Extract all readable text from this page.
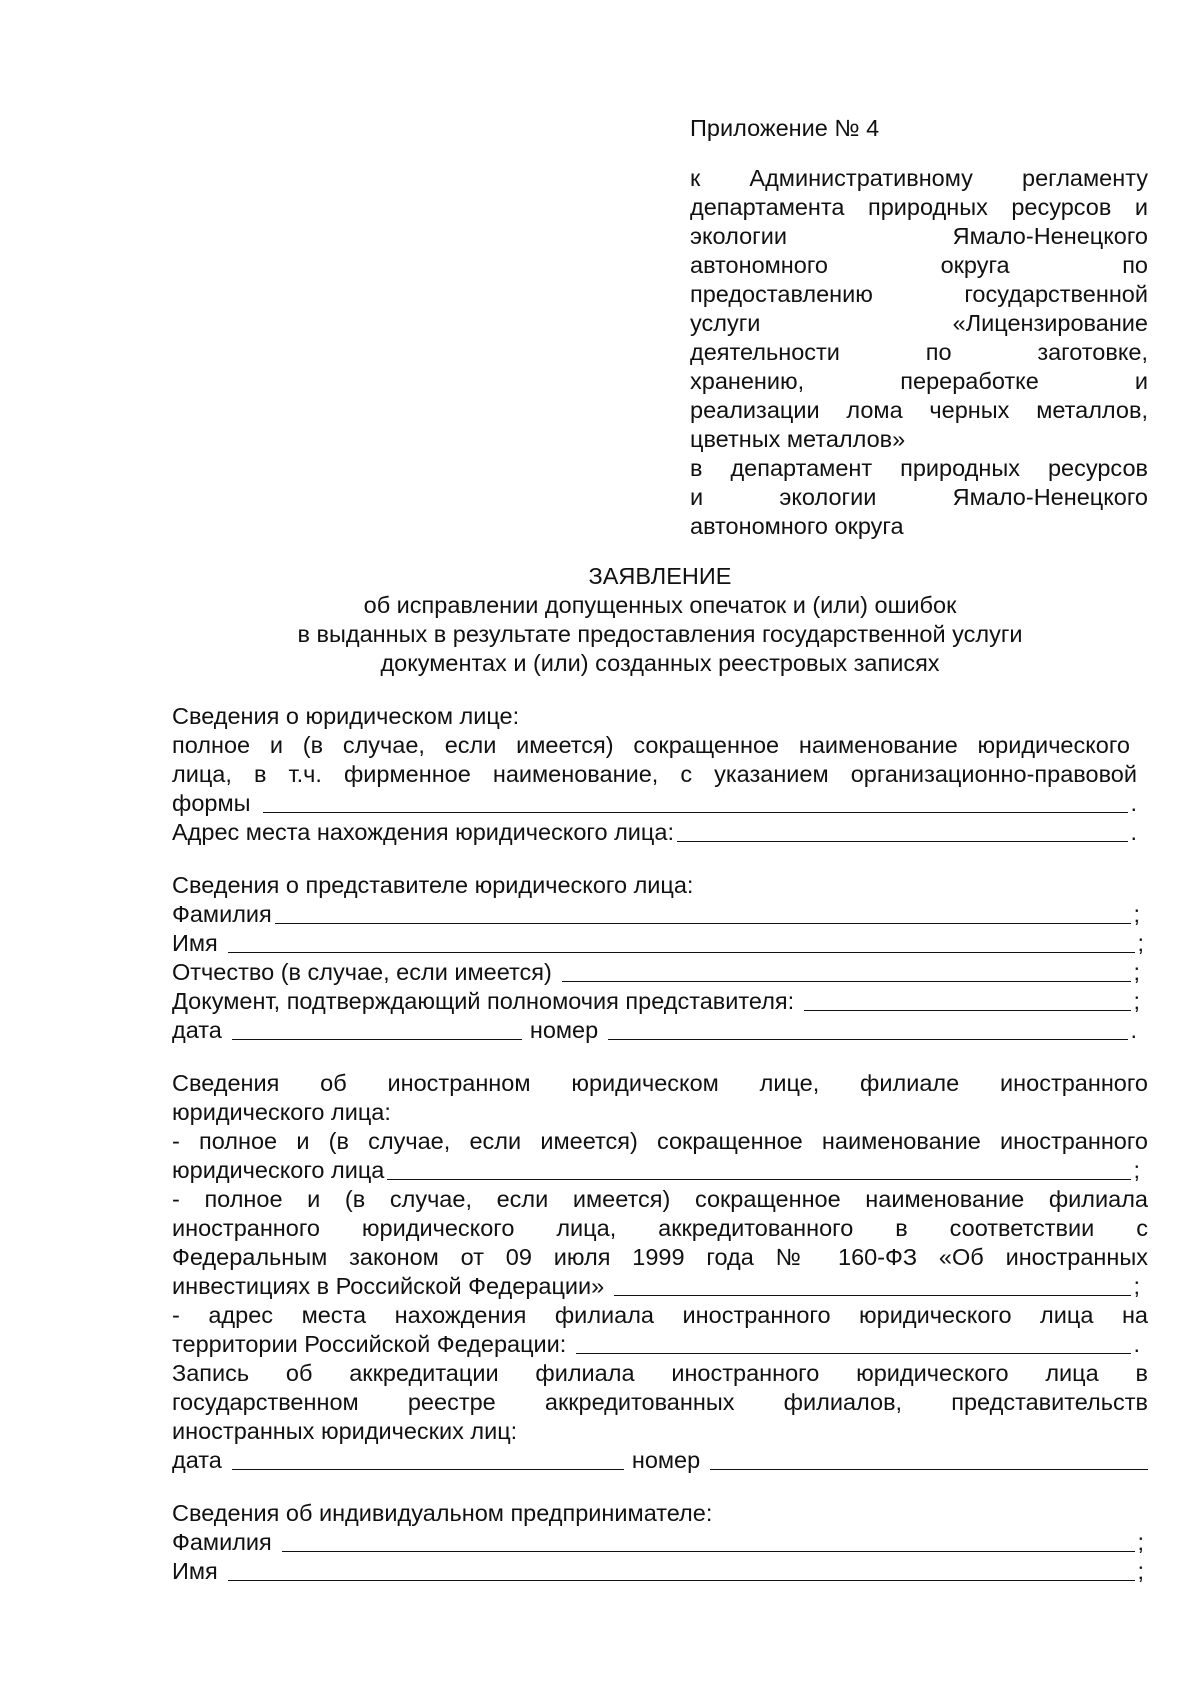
Приложение № 4
к Административному регламенту
департамента природных ресурсов и
экологии Ямало-Ненецкого
автономного округа по
предоставлению государственной
услуги «Лицензирование
деятельности по заготовке,
хранению, переработке и
реализации лома черных металлов,
цветных металлов»
в департамент природных ресурсов
и экологии Ямало-Ненецкого
автономного округа
ЗАЯВЛЕНИЕ
об исправлении допущенных опечаток и (или) ошибок
в выданных в результате предоставления государственной услуги
документах и (или) созданных реестровых записях
Сведения о юридическом лице:
полное и (в случае, если имеется) сокращенное наименование юридического
лица, в т.ч. фирменное наименование, с указанием организационно-правовой
формы	.
Адрес места нахождения юридического лица:	.
Сведения о представителе юридического лица:
Фамилия	;
Имя	;
Отчество (в случае, если имеется)	;
Документ, подтверждающий полномочия представителя:	;
дата	номер	.
Сведения об иностранном юридическом лице, филиале иностранного
юридического лица:
- полное и (в случае, если имеется) сокращенное наименование иностранного
юридического лица	;
- полное и (в случае, если имеется) сокращенное наименование филиала
иностранного юридического лица, аккредитованного в соответствии с
Федеральным законом от 09 июля 1999 года № 160-ФЗ «Об иностранных
инвестициях в Российской Федерации»	;
- адрес места нахождения филиала иностранного юридического лица на
территории Российской Федерации:	.
Запись об аккредитации филиала иностранного юридического лица в
государственном реестре аккредитованных филиалов, представительств
иностранных юридических лиц:
дата	номер
Сведения об индивидуальном предпринимателе:
Фамилия	;
Имя	;
